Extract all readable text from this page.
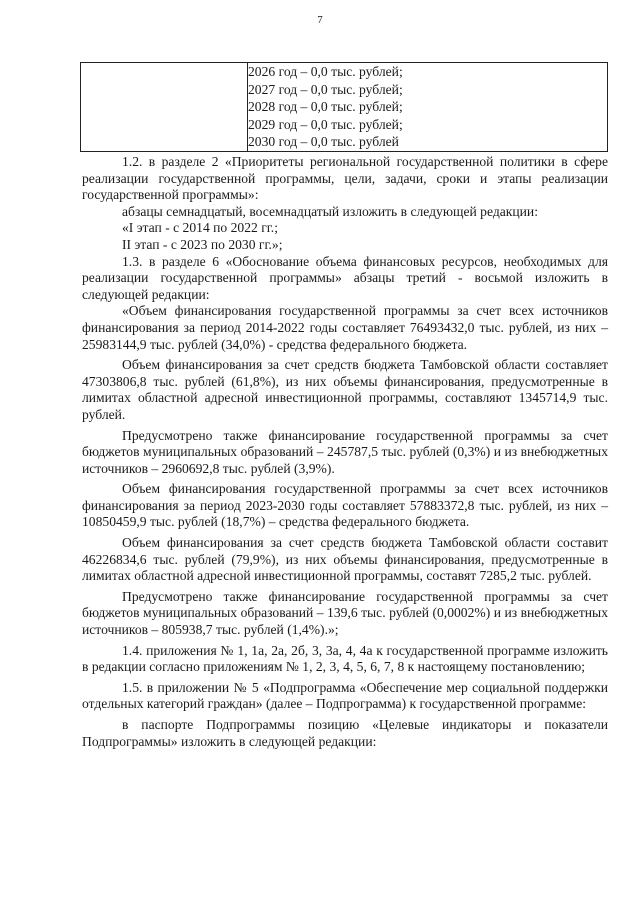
7

2026 год – 0,0 тыс. рублей;
2027 год – 0,0 тыс. рублей;
2028 год – 0,0 тыс. рублей;
2029 год – 0,0 тыс. рублей;
2030 год – 0,0 тыс. рублей

1.2. в разделе 2 «Приоритеты региональной государственной политики в сфере реализации государственной программы, цели, задачи, сроки и этапы реализации государственной программы»:

абзацы семнадцатый, восемнадцатый изложить в следующей редакции:

«I этап - с 2014 по 2022 гг.;

II этап - с 2023 по 2030 гг.»;

1.3. в разделе 6 «Обоснование объема финансовых ресурсов, необходимых для реализации государственной программы» абзацы третий - восьмой изложить в следующей редакции:

«Объем финансирования государственной программы за счет всех источников финансирования за период 2014-2022 годы составляет 76493432,0 тыс. рублей, из них – 25983144,9 тыс. рублей (34,0%) - средства федерального бюджета.

Объем финансирования за счет средств бюджета Тамбовской области составляет 47303806,8 тыс. рублей (61,8%), из них объемы финансирования, предусмотренные в лимитах областной адресной инвестиционной программы, составляют 1345714,9 тыс. рублей.

Предусмотрено также финансирование государственной программы за счет бюджетов муниципальных образований – 245787,5 тыс. рублей (0,3%) и из внебюджетных источников – 2960692,8 тыс. рублей (3,9%).

Объем финансирования государственной программы за счет всех источников финансирования за период 2023-2030 годы составляет 57883372,8 тыс. рублей, из них – 10850459,9 тыс. рублей (18,7%) – средства федерального бюджета.

Объем финансирования за счет средств бюджета Тамбовской области составит 46226834,6 тыс. рублей (79,9%), из них объемы финансирования, предусмотренные в лимитах областной адресной инвестиционной программы, составят 7285,2 тыс. рублей.

Предусмотрено также финансирование государственной программы за счет бюджетов муниципальных образований – 139,6 тыс. рублей (0,0002%) и из внебюджетных источников – 805938,7 тыс. рублей (1,4%).»;

1.4. приложения № 1, 1а, 2а, 2б, 3, 3а, 4, 4а к государственной программе изложить в редакции согласно приложениям № 1, 2, 3, 4, 5, 6, 7, 8 к настоящему постановлению;

1.5. в приложении № 5 «Подпрограмма «Обеспечение мер социальной поддержки отдельных категорий граждан» (далее – Подпрограмма) к государственной программе:

в паспорте Подпрограммы позицию «Целевые индикаторы и показатели Подпрограммы» изложить в следующей редакции:
